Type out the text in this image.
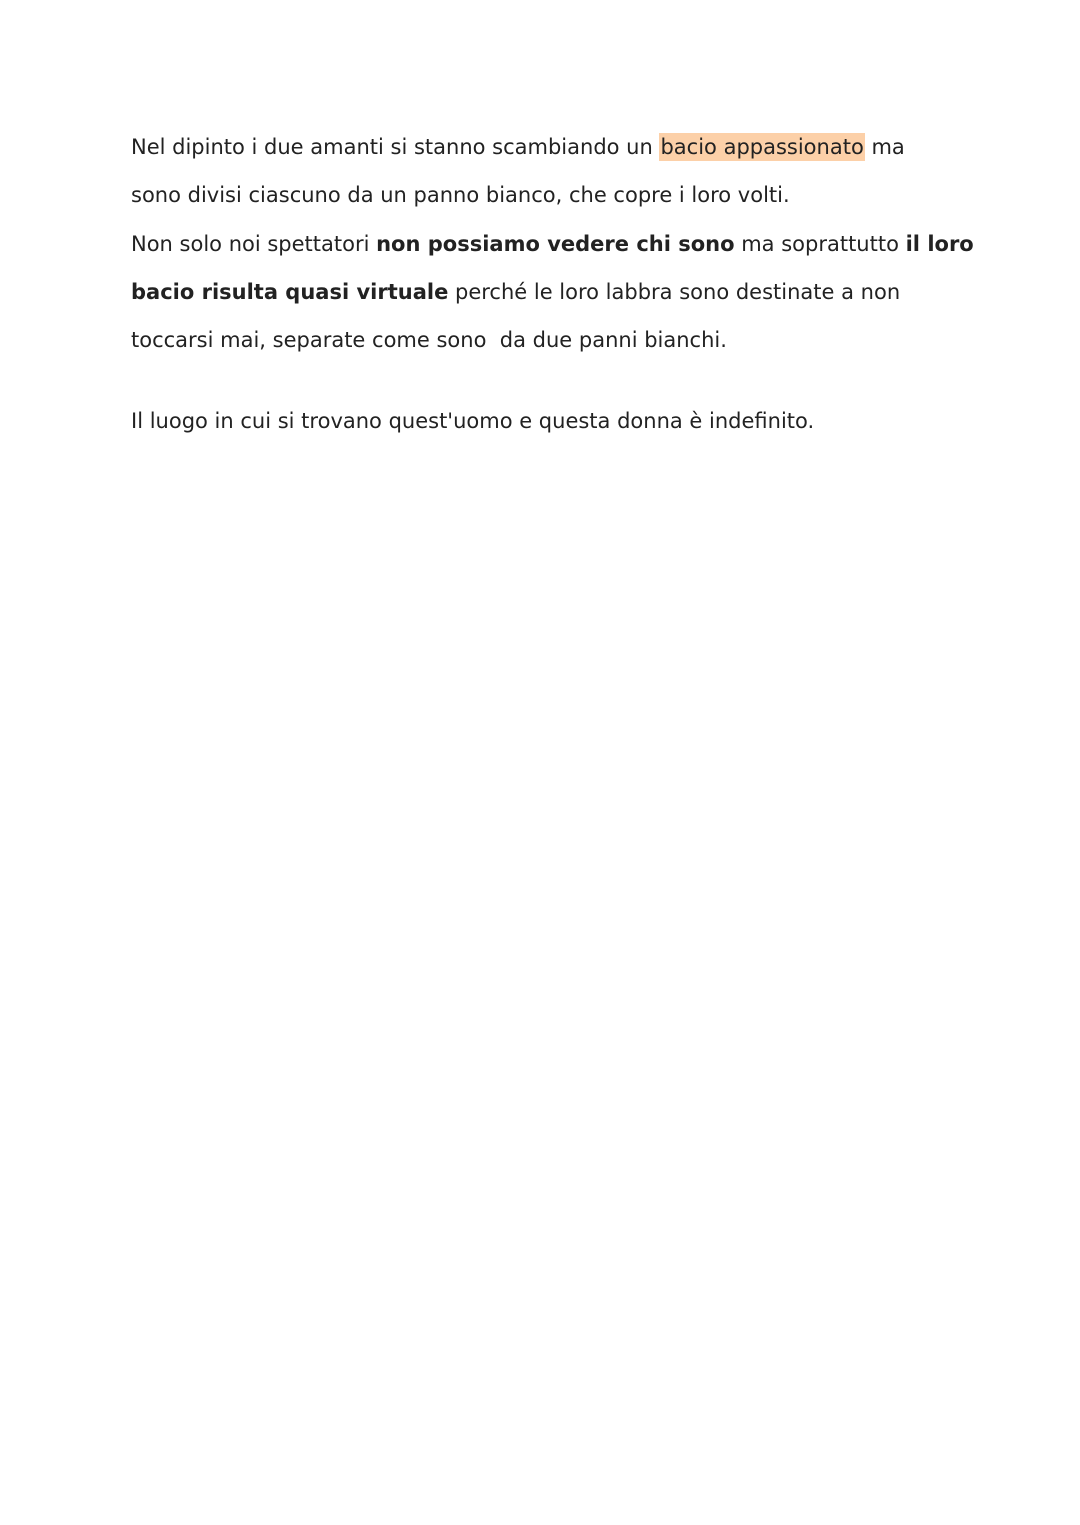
Nel dipinto i due amanti si stanno scambiando un bacio appassionato ma
sono divisi ciascuno da un panno bianco, che copre i loro volti.

Non solo noi spettatori non possiamo vedere chi sono ma soprattutto il loro
bacio risulta quasi virtuale perché le loro labbra sono destinate a non
toccarsi mai, separate come sono  da due panni bianchi.

Il luogo in cui si trovano quest'uomo e questa donna è indefinito.
